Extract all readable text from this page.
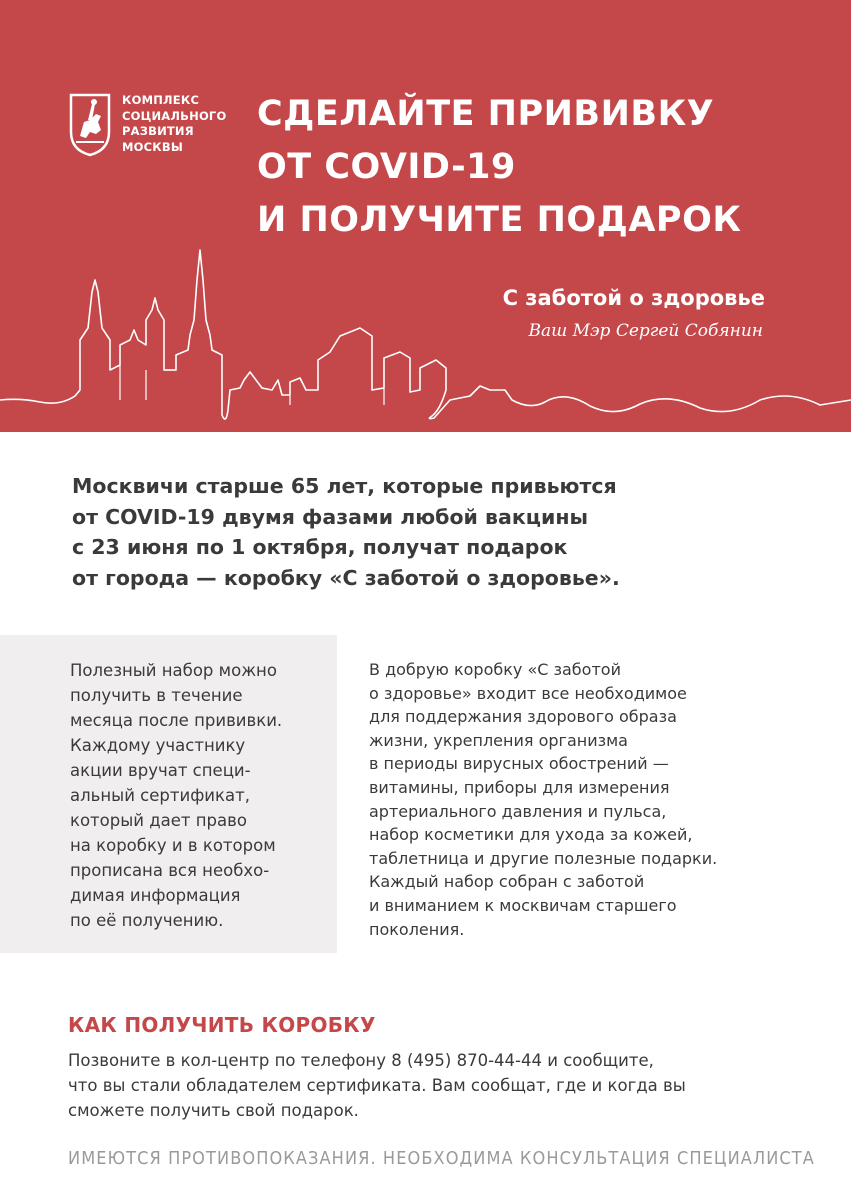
КОМПЛЕКС
СОЦИАЛЬНОГО
РАЗВИТИЯ
МОСКВЫ
СДЕЛАЙТЕ ПРИВИВКУ
ОТ COVID-19
И ПОЛУЧИТЕ ПОДАРОК
С заботой о здоровье
Ваш Мэр Сергей Собянин
Москвичи старше 65 лет, которые привьются
от COVID-19 двумя фазами любой вакцины
с 23 июня по 1 октября, получат подарок
от города — коробку «С заботой о здоровье».
Полезный набор можно
получить в течение
месяца после прививки.
Каждому участнику
акции вручат специ-
альный сертификат,
который дает право
на коробку и в котором
прописана вся необхо-
димая информация
по её получению.
В добрую коробку «С заботой
о здоровье» входит все необходимое
для поддержания здорового образа
жизни, укрепления организма
в периоды вирусных обострений —
витамины, приборы для измерения
артериального давления и пульса,
набор косметики для ухода за кожей,
таблетница и другие полезные подарки.
Каждый набор собран с заботой
и вниманием к москвичам старшего
поколения.
КАК ПОЛУЧИТЬ КОРОБКУ
Позвоните в кол-центр по телефону 8 (495) 870-44-44 и сообщите,
что вы стали обладателем сертификата. Вам сообщат, где и когда вы
сможете получить свой подарок.
ИМЕЮТСЯ ПРОТИВОПОКАЗАНИЯ. НЕОБХОДИМА КОНСУЛЬТАЦИЯ СПЕЦИАЛИСТА
